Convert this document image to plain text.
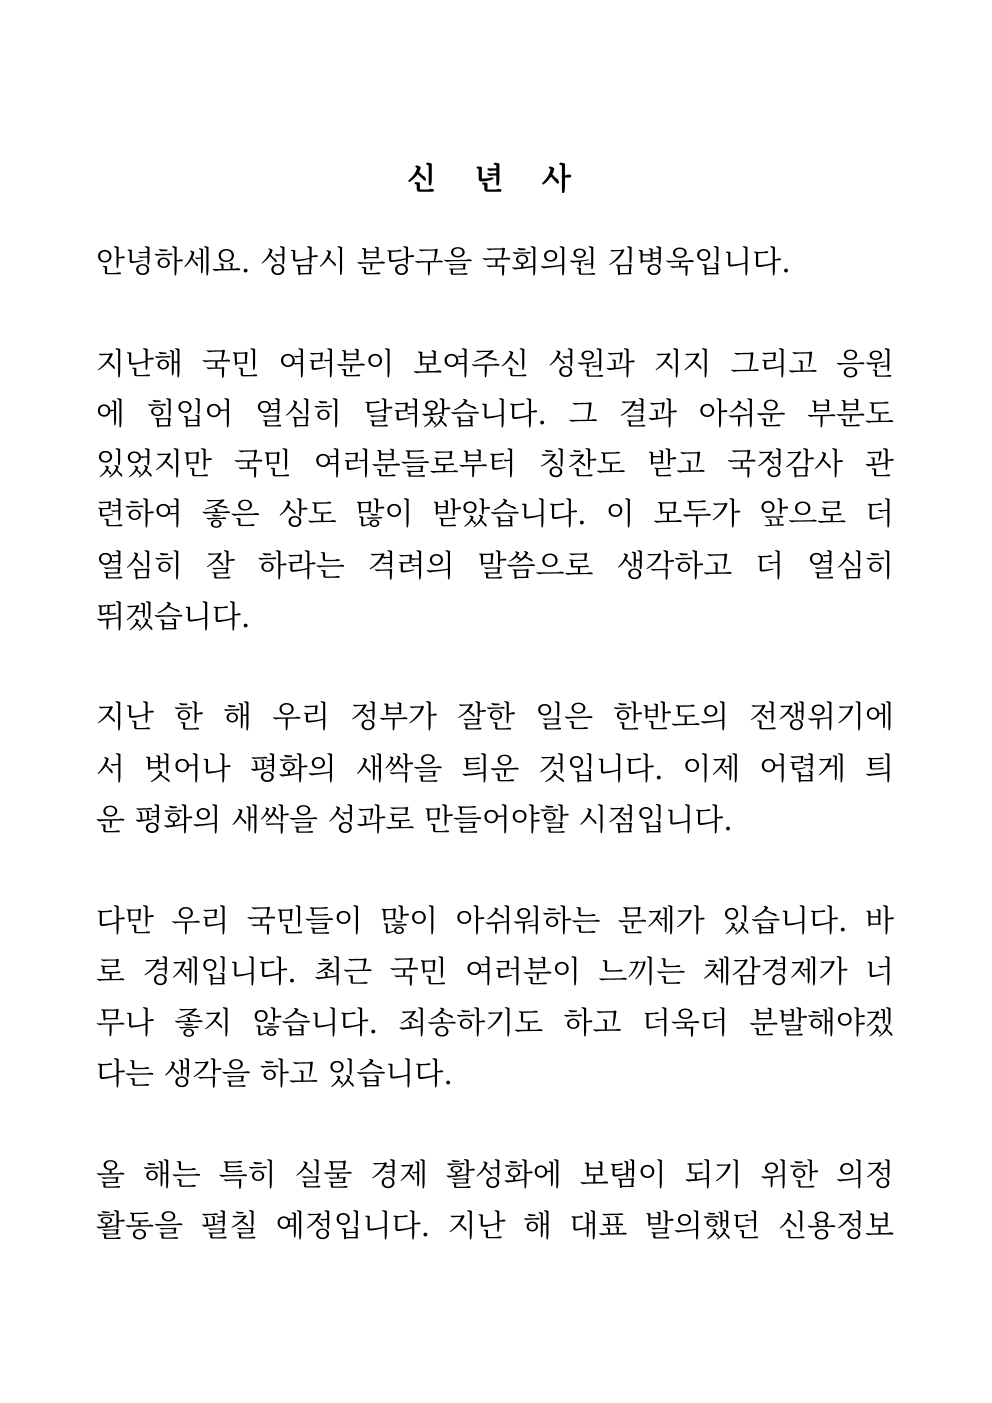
신 년 사
안녕하세요. 성남시 분당구을 국회의원 김병욱입니다.
지난해 국민 여러분이 보여주신 성원과 지지 그리고 응원
에 힘입어 열심히 달려왔습니다. 그 결과 아쉬운 부분도
있었지만 국민 여러분들로부터 칭찬도 받고 국정감사 관
련하여 좋은 상도 많이 받았습니다. 이 모두가 앞으로 더
열심히 잘 하라는 격려의 말씀으로 생각하고 더 열심히
뛰겠습니다.
지난 한 해 우리 정부가 잘한 일은 한반도의 전쟁위기에
서 벗어나 평화의 새싹을 틔운 것입니다. 이제 어렵게 틔
운 평화의 새싹을 성과로 만들어야할 시점입니다.
다만 우리 국민들이 많이 아쉬워하는 문제가 있습니다. 바
로 경제입니다. 최근 국민 여러분이 느끼는 체감경제가 너
무나 좋지 않습니다. 죄송하기도 하고 더욱더 분발해야겠
다는 생각을 하고 있습니다.
올 해는 특히 실물 경제 활성화에 보탬이 되기 위한 의정
활동을 펼칠 예정입니다. 지난 해 대표 발의했던 신용정보
